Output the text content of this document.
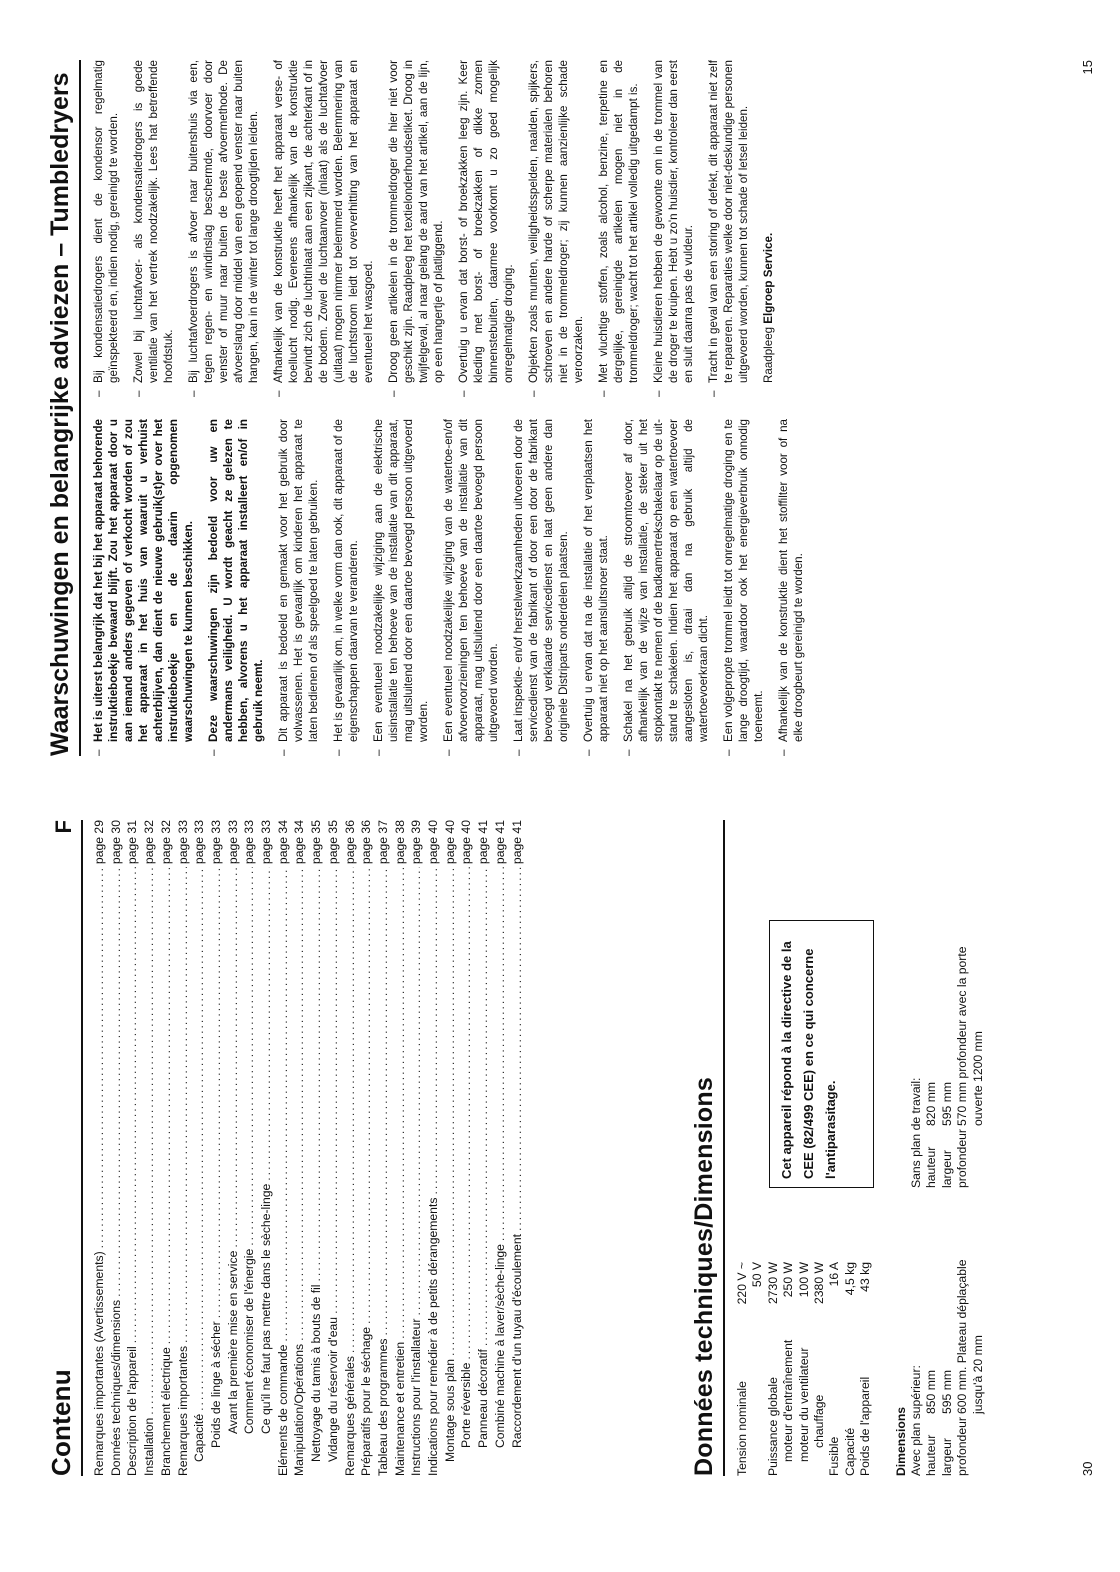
Contenu
F
Remarques importantes (Avertissements)
.....
page 29
Données techniques/dimensions
.....
page 30
Description de l'appareil
.....
page 31
Installation
.....
page 32
Branchement électrique
.....
page 32
Remarques importantes
.....
page 33
Capacité
.....
page 33
Poids de linge à sécher
.....
page 33
Avant la première mise en service
.....
page 33
Comment économiser de l'énergie
.....
page 33
Ce qu'il ne faut pas mettre dans le sèche-linge
.....
page 33
Eléments de commande
.....
page 34
Manipulation/Opérations
.....
page 34
Nettoyage du tamis à bouts de fil
.....
page 35
Vidange du réservoir d'eau
.....
page 35
Remarques générales
.....
page 36
Préparatifs pour le séchage
.....
page 36
Tableau des programmes
.....
page 37
Maintenance et entretien
.....
page 38
Instructions pour l'installateur
.....
page 39
Indications pour remédier à de petits dérangements
.....
page 40
Montage sous plan
.....
page 40
Porte réversible
.....
page 40
Panneau décoratif
.....
page 41
Combiné machine à laver/sèche-linge
.....
page 41
Raccordement d'un tuyau d'écoulement
.....
page 41
Données techniques/Dimensions Tension nominale
220 V ~ 50 V
Puissance globale
2730 W
moteur d'entraînement
250 W
moteur du ventilateur
100 W
chauffage
2380 W
Fusible
16 A
Capacité
4,5 kg
Poids de l'appareil
43 kg
Cet appareil répond à la directive de la CEE (82/499 CEE) en ce qui concerne l'antiparasitage.
Dimensions Avec plan supérieur: hauteur
850 mm
largeur
595 mm
profondeur
600 mm. Plateau déplaçable jusqu'à 20 mm

Sans plan de travail: hauteur
820 mm
largeur
595 mm
profondeur
570 mm profondeur avec la porte ouverte 1200 mm
30
Waarschuwingen en belangrijke adviezen – Tumbledryers	–
Het is uiterst belangrijk dat het bij het apparaat behorende instruktieboekje bewaard blijft. Zou het apparaat door u aan iemand anders gegeven of verkocht worden of zou het apparaat in het huis van waaruit u verhuist achterblijven, dan dient de nieuwe gebruik(st)er over het instruktieboekje en de daarin opgenomen waarschuwingen te kunnen beschikken.
–
Deze waarschuwingen zijn bedoeld voor uw en andermans veiligheid. U wordt geacht ze gelezen te hebben, alvorens u het apparaat installeert en/of in gebruik neemt.
–
Dit apparaat is bedoeld en gemaakt voor het gebruik door volwassenen. Het is gevaarlijk om kinderen het apparaat te laten bedienen of als speelgoed te laten gebruiken.
–
Het is gevaarlijk om, in welke vorm dan ook, dit apparaat of de eigenschappen daarvan te veranderen.
–
Een eventueel noodzakelijke wijziging aan de elektrische uisinstallatie ten behoeve van de installatie van dit apparaat, mag uitsluitend door een daartoe bevoegd persoon uitgevoerd worden.
–
Een eventueel noodzakelijke wijziging van de watertoe-en/of afvoervoorzieningen ten behoeve van de installatie van dit apparaat, mag uitsluitend door een daartoe bevoegd persoon uitgevoerd worden.
–
Laat inspektie- en/of herstelwerkzaamheden uitvoeren door de servicedienst van de fabrikant of door een door de fabrikant bevoegd verklaarde servicedienst en laat geen andere dan originele Distriparts onderdelen plaatsen.
–
Overtuig u ervan dat na de installatie of het verplaatsen het apparaat niet op het aansluitsnoer staat.
–
Schakel na het gebruik altijd de stroomtoevoer af door, afhankelijk van de wijze van installatie, de steker uit het stopkontakt te nemen of de badkamertrekschakelaar op de uit-stand te schakelen. Indien het apparaat op een watertoevoer aangesloten is, draai dan na gebruik altijd de watertoevoerkraan dicht.
–
Een volgepropte trommel leidt tot onregelmatige droging en te lange droogtijd, waardoor ook het energieverbruik onnodig toeneemt.
–
Afhankelijk van de konstruktie dient het stoffilter voor of na elke droogbeurt gereinigd te worden.
–
Bij kondensatiedrogers dient de kondensor regelmatig geïnspekteerd en, indien nodig, gereinigd te worden.
–
Zowel bij luchtafvoer- als kondensatiedrogers is goede ventilatie van het vertrek noodzakelijk. Lees hat betreffende hoofdstuk.
–
Bij luchtafvoerdrogers is afvoer naar buitenshuis via een, tegen regen- en windinslag beschermde, doorvoer door venster of muur naar buiten de beste afvoermethode. De afvoerslang door middel van een geopend venster naar buiten hangen, kan in de winter tot lange droogtijden leiden.
–
Afhankelijk van de konstruktie heeft het apparaat verse- of koellucht nodig. Eveneens afhankelijk van de konstruktie bevindt zich de luchtinlaat aan een zijkant, de achterkant of in de bodem. Zowel de luchtaanvoer (inlaat) als de luchtafvoer (uitlaat) mogen nimmer belemmerd worden. Belemmering van de luchtstroom leidt tot oververhitting van het apparaat en eventueel het wasgoed.
–
Droog geen artikelen in de trommeldroger die hier niet voor geschikt zijn. Raadpleeg het textielonderhoudsetiket. Droog in twijfelgeval, al naar gelang de aard van het artikel, aan de lijn, op een hangertje of platliggend.
–
Overtuig u ervan dat borst- of broekzakken leeg zijn. Keer kleding met borst- of broekzakken of dikke zomen binnenstebuiten, daarmee voorkomt u zo goed mogelijk onregelmatige droging.
–
Objekten zoals munten, veiligheidsspelden, naalden, spijkers, schroeven en andere harde of scherpe materialen behoren niet in de trommeldroger; zij kunnen aanzienlijke schade veroorzaken.
–
Met vluchtige stoffen, zoals alcohol, benzine, terpetine en dergelijke, gereinigde artikelen mogen niet in de trommeldroger; wacht tot het artikel volledig uitgedampt is.
–
Kleine huisdieren hebben de gewoonte om in de trommel van de droger te kruipen. Hebt u zo'n huisdier, kontroleer dan eerst en sluit daarna pas de vuldeur.
–
Tracht in geval van een storing of defekt, dit apparaat niet zelf te repareren. Reparaties welke door niet-deskundige personen uitgevoerd worden, kunnen tot schade of letsel leiden. Raadpleeg Elgroep Service.
15
